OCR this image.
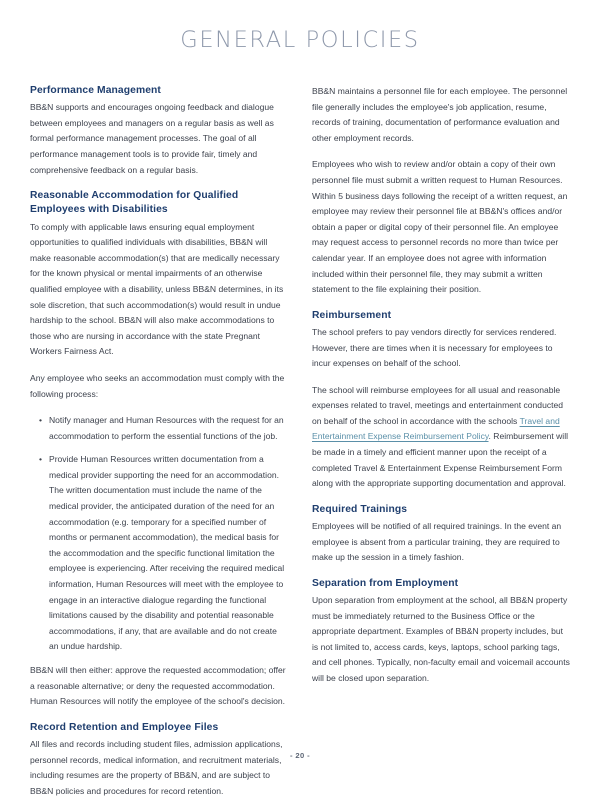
GENERAL POLICIES
Performance Management

BB&N supports and encourages ongoing feedback and dialogue between employees and managers on a regular basis as well as formal performance management processes. The goal of all performance management tools is to provide fair, timely and comprehensive feedback on a regular basis.

Reasonable Accommodation for Qualified Employees with Disabilities

To comply with applicable laws ensuring equal employment opportunities to qualified individuals with disabilities, BB&N will make reasonable accommodation(s) that are medically necessary for the known physical or mental impairments of an otherwise qualified employee with a disability, unless BB&N determines, in its sole discretion, that such accommodation(s) would result in undue hardship to the school. BB&N will also make accommodations to those who are nursing in accordance with the state Pregnant Workers Fairness Act.

Any employee who seeks an accommodation must comply with the following process:

• Notify manager and Human Resources with the request for an accommodation to perform the essential functions of the job.
• Provide Human Resources written documentation from a medical provider supporting the need for an accommodation. The written documentation must include the name of the medical provider, the anticipated duration of the need for an accommodation (e.g. temporary for a specified number of months or permanent accommodation), the medical basis for the accommodation and the specific functional limitation the employee is experiencing. After receiving the required medical information, Human Resources will meet with the employee to engage in an interactive dialogue regarding the functional limitations caused by the disability and potential reasonable accommodations, if any, that are available and do not create an undue hardship.

BB&N will then either: approve the requested accommodation; offer a reasonable alternative; or deny the requested accommodation. Human Resources will notify the employee of the school's decision.

Record Retention and Employee Files

All files and records including student files, admission applications, personnel records, medical information, and recruitment materials, including resumes are the property of BB&N, and are subject to BB&N policies and procedures for record retention.

BB&N maintains a personnel file for each employee. The personnel file generally includes the employee's job application, resume, records of training, documentation of performance evaluation and other employment records.

Employees who wish to review and/or obtain a copy of their own personnel file must submit a written request to Human Resources. Within 5 business days following the receipt of a written request, an employee may review their personnel file at BB&N's offices and/or obtain a paper or digital copy of their personnel file. An employee may request access to personnel records no more than twice per calendar year. If an employee does not agree with information included within their personnel file, they may submit a written statement to the file explaining their position.

Reimbursement

The school prefers to pay vendors directly for services rendered. However, there are times when it is necessary for employees to incur expenses on behalf of the school.

The school will reimburse employees for all usual and reasonable expenses related to travel, meetings and entertainment conducted on behalf of the school in accordance with the schools Travel and Entertainment Expense Reimbursement Policy. Reimbursement will be made in a timely and efficient manner upon the receipt of a completed Travel & Entertainment Expense Reimbursement Form along with the appropriate supporting documentation and approval.

Required Trainings

Employees will be notified of all required trainings. In the event an employee is absent from a particular training, they are required to make up the session in a timely fashion.

Separation from Employment

Upon separation from employment at the school, all BB&N property must be immediately returned to the Business Office or the appropriate department. Examples of BB&N property includes, but is not limited to, access cards, keys, laptops, school parking tags, and cell phones. Typically, non-faculty email and voicemail accounts will be closed upon separation.

- 20 -
